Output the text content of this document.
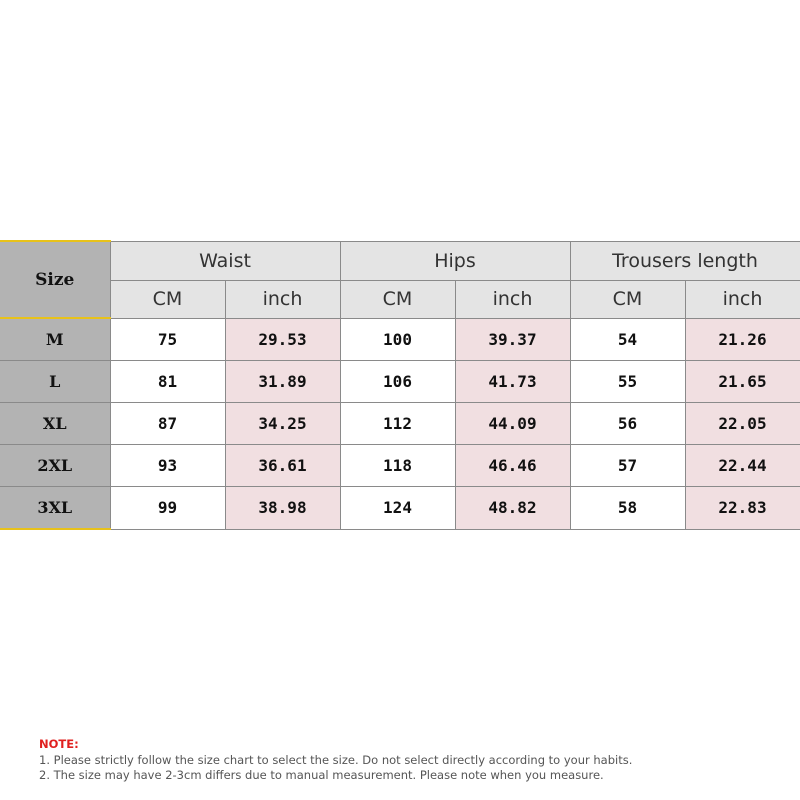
Size	Waist		Hips		Trousers length	
	CM	inch	CM	inch	CM	inch
M	75	29.53	100	39.37	54	21.26
L	81	31.89	106	41.73	55	21.65
XL	87	34.25	112	44.09	56	22.05
2XL	93	36.61	118	46.46	57	22.44
3XL	99	38.98	124	48.82	58	22.83
NOTE:
1. Please strictly follow the size chart to select the size. Do not select directly according to your habits.
2. The size may have 2-3cm differs due to manual measurement. Please note when you measure.
